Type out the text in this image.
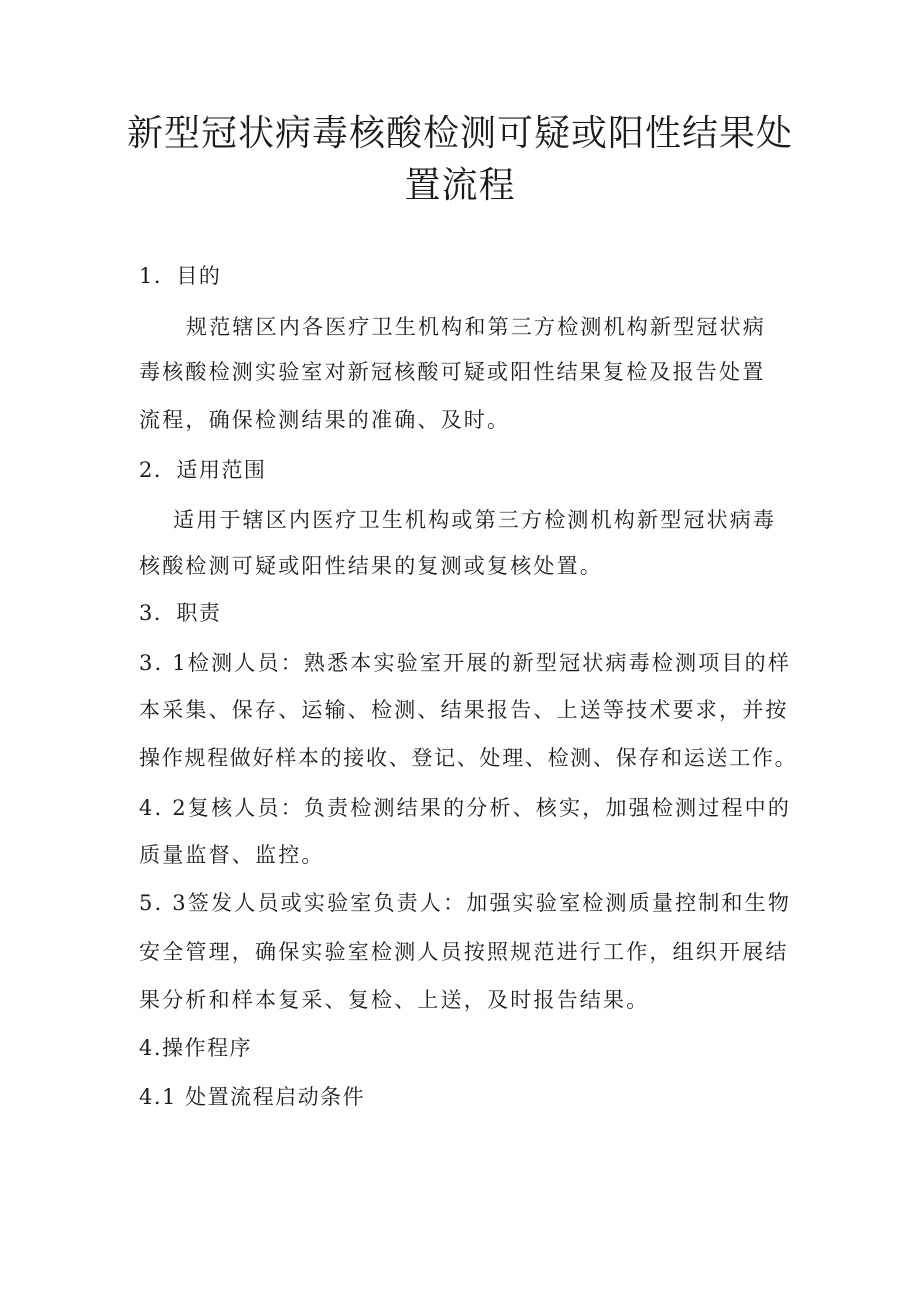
新型冠状病毒核酸检测可疑或阳性结果处
置流程
1．目的
规范辖区内各医疗卫生机构和第三方检测机构新型冠状病
毒核酸检测实验室对新冠核酸可疑或阳性结果复检及报告处置
流程，确保检测结果的准确、及时。
2．适用范围
适用于辖区内医疗卫生机构或第三方检测机构新型冠状病毒
核酸检测可疑或阳性结果的复测或复核处置。
3．职责
3. 1检测人员：熟悉本实验室开展的新型冠状病毒检测项目的样
本采集、保存、运输、检测、结果报告、上送等技术要求，并按
操作规程做好样本的接收、登记、处理、检测、保存和运送工作。
4. 2复核人员：负责检测结果的分析、核实，加强检测过程中的
质量监督、监控。
5. 3签发人员或实验室负责人：加强实验室检测质量控制和生物
安全管理，确保实验室检测人员按照规范进行工作，组织开展结
果分析和样本复采、复检、上送，及时报告结果。
4.操作程序
4.1 处置流程启动条件
